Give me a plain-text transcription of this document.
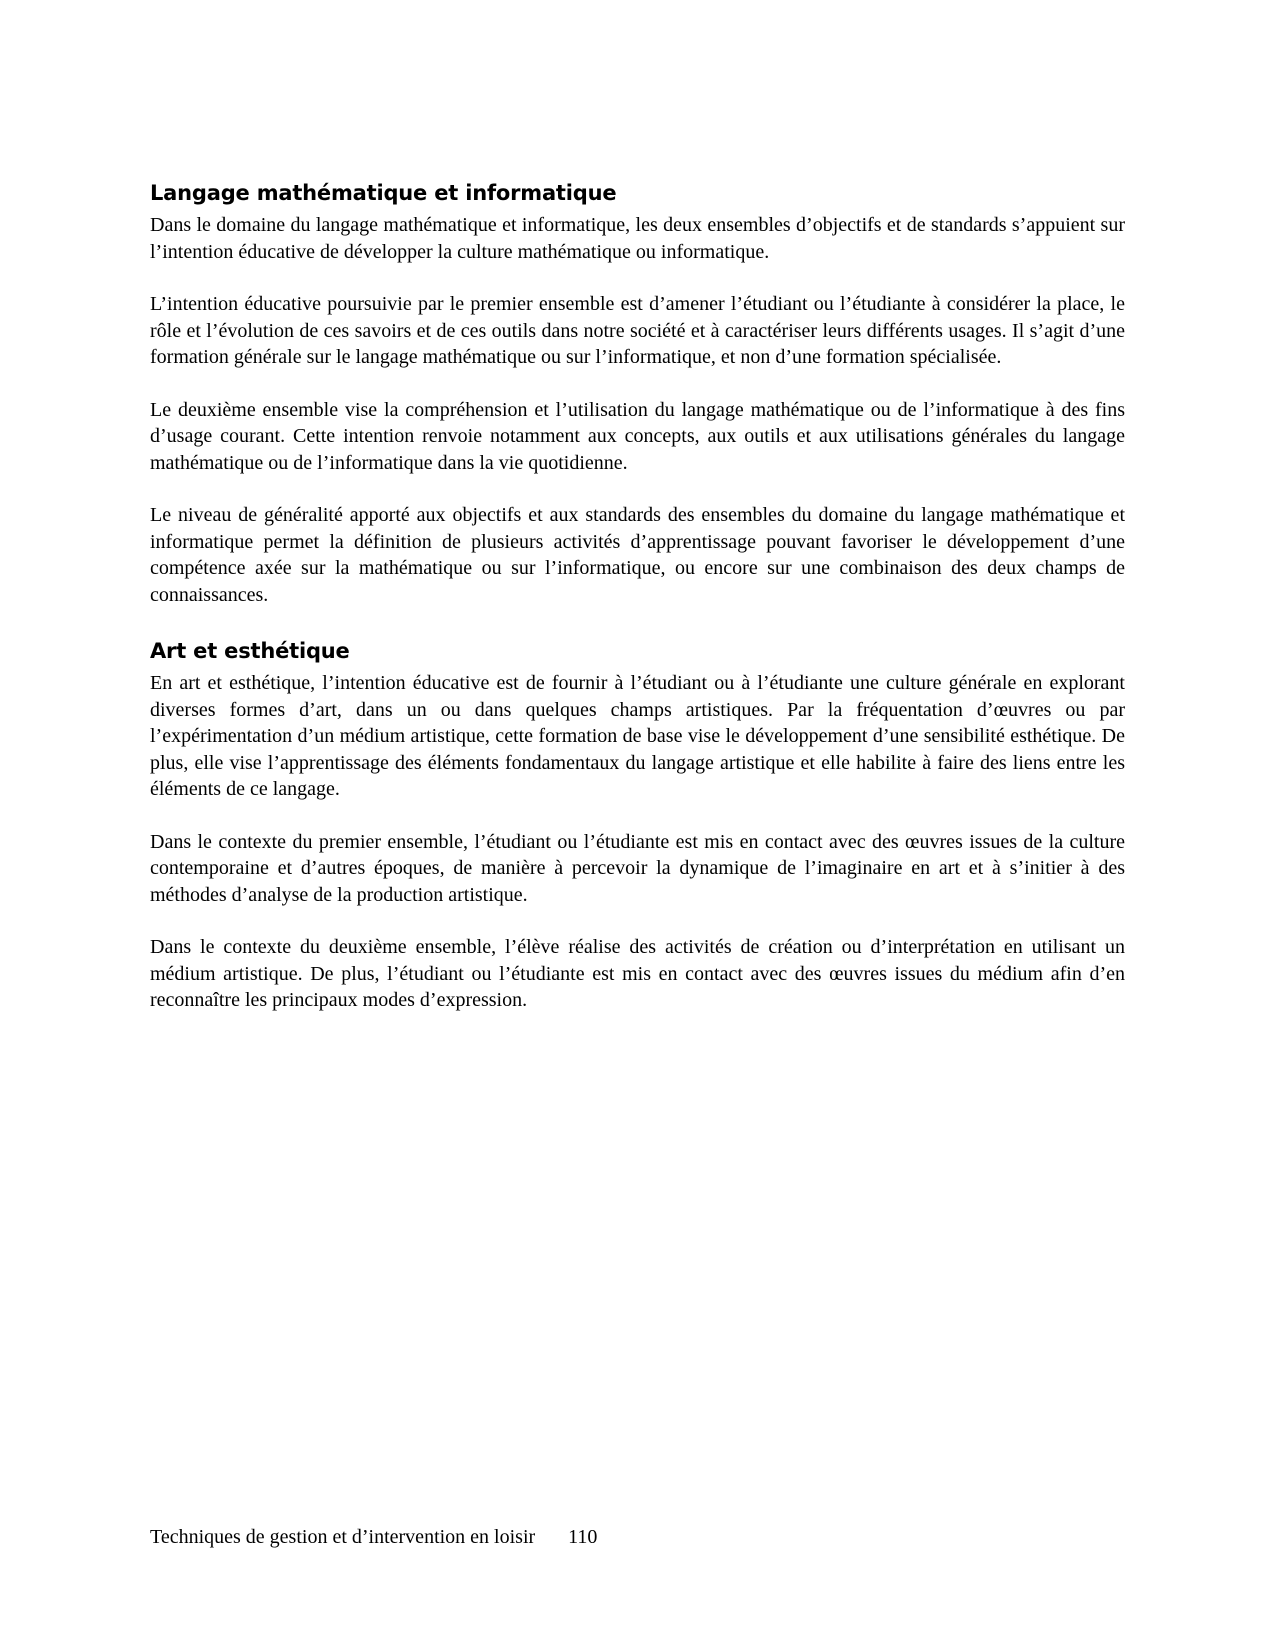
Langage mathématique et informatique

Dans le domaine du langage mathématique et informatique, les deux ensembles d’objectifs et de standards s’appuient sur l’intention éducative de développer la culture mathématique ou informatique.

L’intention éducative poursuivie par le premier ensemble est d’amener l’étudiant ou l’étudiante à considérer la place, le rôle et l’évolution de ces savoirs et de ces outils dans notre société et à caractériser leurs différents usages. Il s’agit d’une formation générale sur le langage mathématique ou sur l’informatique, et non d’une formation spécialisée.

Le deuxième ensemble vise la compréhension et l’utilisation du langage mathématique ou de l’informatique à des fins d’usage courant. Cette intention renvoie notamment aux concepts, aux outils et aux utilisations générales du langage mathématique ou de l’informatique dans la vie quotidienne.

Le niveau de généralité apporté aux objectifs et aux standards des ensembles du domaine du langage mathématique et informatique permet la définition de plusieurs activités d’apprentissage pouvant favoriser le développement d’une compétence axée sur la mathématique ou sur l’informatique, ou encore sur une combinaison des deux champs de connaissances.

Art et esthétique

En art et esthétique, l’intention éducative est de fournir à l’étudiant ou à l’étudiante une culture générale en explorant diverses formes d’art, dans un ou dans quelques champs artistiques. Par la fréquentation d’œuvres ou par l’expérimentation d’un médium artistique, cette formation de base vise le développement d’une sensibilité esthétique. De plus, elle vise l’apprentissage des éléments fondamentaux du langage artistique et elle habilite à faire des liens entre les éléments de ce langage.

Dans le contexte du premier ensemble, l’étudiant ou l’étudiante est mis en contact avec des œuvres issues de la culture contemporaine et d’autres époques, de manière à percevoir la dynamique de l’imaginaire en art et à s’initier à des méthodes d’analyse de la production artistique.

Dans le contexte du deuxième ensemble, l’élève réalise des activités de création ou d’interprétation en utilisant un médium artistique. De plus, l’étudiant ou l’étudiante est mis en contact avec des œuvres issues du médium afin d’en reconnaître les principaux modes d’expression.

Techniques de gestion et d’intervention en loisir 110
